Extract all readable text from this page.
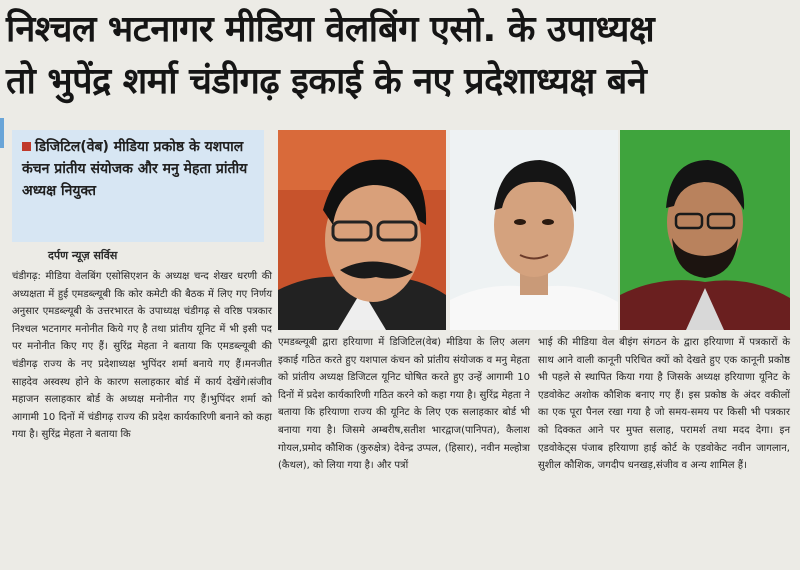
निश्चल भटनागर मीडिया वेलबिंग एसो. के उपाध्यक्ष
तो भुपेंद्र शर्मा चंडीगढ़ इकाई के नए प्रदेशाध्यक्ष बने
डिजिटिल(वेब) मीडिया प्रकोष्ठ के यशपाल कंचन प्रांतीय संयोजक और मनु मेहता प्रांतीय अध्यक्ष नियुक्त
दर्पण न्यूज़ सर्विस

चंडीगढ़: मीडिया वेलबिंग एसोसिएशन के अध्यक्ष चन्द शेखर धरणी की अध्यक्षता में हुई एमडब्ल्यूबी कि कोर कमेटी की बैठक में लिए गए निर्णय अनुसार एमडब्ल्यूबी के उत्तरभारत के उपाध्यक्ष चंडीगढ़ से वरिष्ठ पत्रकार निश्चल भटनागर मनोनीत किये गए है तथा प्रांतीय यूनिट में भी इसी पद पर मनोनीत किए गए हैं। सुरिंद्र मेहता ने बताया कि एमडब्ल्यूबी की चंडीगढ़ राज्य के नए प्रदेशाध्यक्ष भुपिंदर शर्मा बनाये गए हैं।मनजीत साहदेव अस्वस्थ होने के कारण सलाहकार बोर्ड में कार्य देखेंगे।संजीव महाजन सलाहकार बोर्ड के अध्यक्ष मनोनीत गए हैं।भुपिंदर शर्मा को आगामी 10 दिनों में चंडीगढ़ राज्य की प्रदेश कार्यकारिणी बनाने को कहा गया है। सुरिंद्र मेहता ने बताया कि

एमडब्ल्यूबी द्वारा हरियाणा में डिजिटिल(वेब) मीडिया के लिए अलग इकाई गठित करते हुए यशपाल कंचन को प्रांतीय संयोजक व मनु मेहता को प्रांतीय अध्यक्ष डिजिटल यूनिट घोषित करते हुए उन्हें आगामी 10 दिनों में प्रदेश कार्यकारिणी गठित करने को कहा गया है। सुरिंद्र मेहता ने बताया कि हरियाणा राज्य की यूनिट के लिए एक सलाहकार बोर्ड भी बनाया गया है। जिसमे अम्बरीष,सतीश भारद्वाज(पानिपत), कैलाश गोयल,प्रमोद कौशिक (कुरुक्षेत्र) देवेन्द्र उप्पल, (हिसार), नवीन मल्होत्रा (कैथल), को लिया गया है। और पत्रों

भाई की मीडिया वेल बीइंग संगठन के द्वारा हरियाणा में पत्रकारों के साथ आने वाली कानूनी परिचित क्यों को देखते हुए एक कानूनी प्रकोष्ठ भी पहले से स्थापित किया गया है जिसके अध्यक्ष हरियाणा यूनिट के एडवोकेट अशोक कौशिक बनाए गए हैं। इस प्रकोष्ठ के अंदर वकीलों का एक पूरा पैनल रखा गया है जो समय-समय पर किसी भी पत्रकार को दिक्कत आने पर मुफ्त सलाह, परामर्श तथा मदद देगा। इन एडवोकेट्स पंजाब हरियाणा हाई कोर्ट के एडवोकेट नवीन जागलान, सुशील कौशिक, जगदीप धनखड़,संजीव व अन्य शामिल हैं।
